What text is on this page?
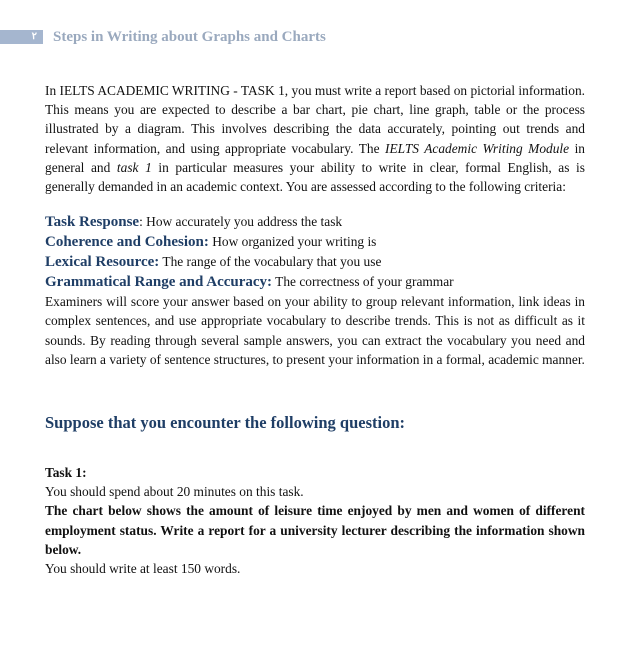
٢	Steps in Writing about Graphs and Charts

In IELTS ACADEMIC WRITING - TASK 1, you must write a report based on pictorial information. This means you are expected to describe a bar chart, pie chart, line graph, table or the process illustrated by a diagram. This involves describing the data accurately, pointing out trends and relevant information, and using appropriate vocabulary. The IELTS Academic Writing Module in general and task 1 in particular measures your ability to write in clear, formal English, as is generally demanded in an academic context. You are assessed according to the following criteria:

Task Response: How accurately you address the task
Coherence and Cohesion: How organized your writing is
Lexical Resource: The range of the vocabulary that you use
Grammatical Range and Accuracy: The correctness of your grammar

Examiners will score your answer based on your ability to group relevant information, link ideas in complex sentences, and use appropriate vocabulary to describe trends. This is not as difficult as it sounds. By reading through several sample answers, you can extract the vocabulary you need and also learn a variety of sentence structures, to present your information in a formal, academic manner.

Suppose that you encounter the following question:
Task 1:
You should spend about 20 minutes on this task.
The chart below shows the amount of leisure time enjoyed by men and women of different employment status. Write a report for a university lecturer describing the information shown below.
You should write at least 150 words.
